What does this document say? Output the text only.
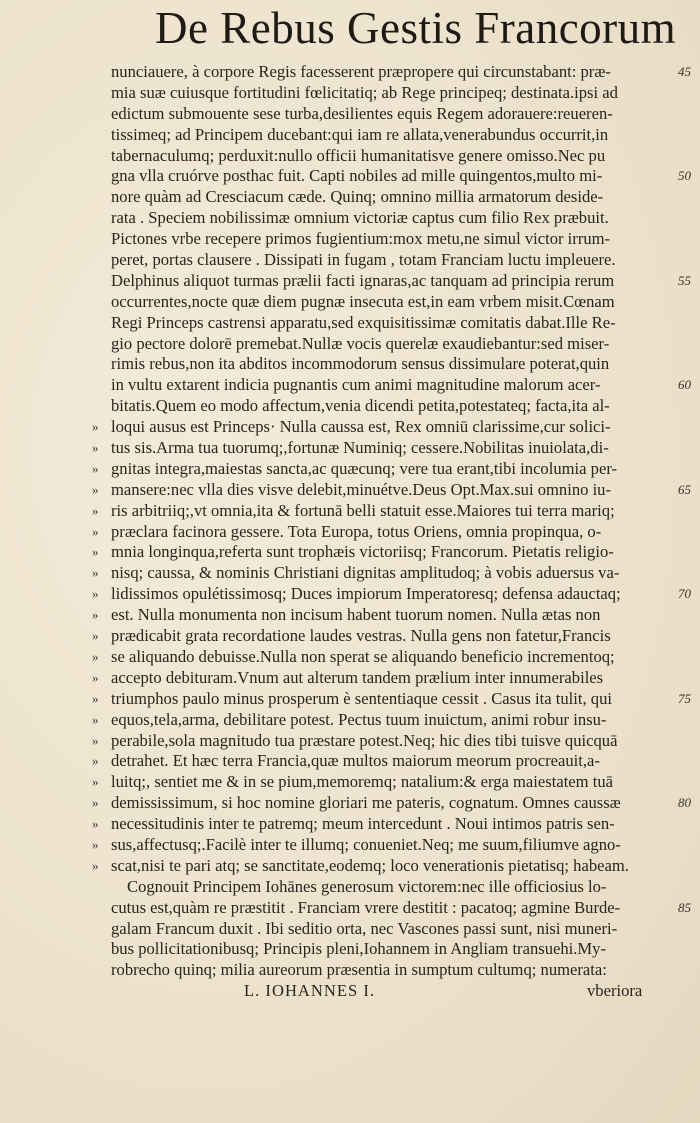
De Rebus Gestis Francorum
nunciauere, à corpore Regis facesserent præpropere qui circunstabant: præ-	45
mia suæ cuiusque fortitudini fœlicitatiq; ab Rege principeq; destinata.ipsi ad
edictum submouente sese turba,desilientes equis Regem adorauere:reueren-
tissimeq; ad Principem ducebant:qui iam re allata,venerabundus occurrit,in
tabernaculumq; perduxit:nullo officii humanitatisve genere omisso.Nec pu
gna vlla cruórve posthac fuit. Capti nobiles ad mille quingentos,multo mi-	50
nore quàm ad Cresciacum cæde. Quinq; omnino millia armatorum deside-
rata . Speciem nobilissimæ omnium victoriæ captus cum filio Rex præbuit.
Pictones vrbe recepere primos fugientium:mox metu,ne simul victor irrum-
peret, portas clausere . Dissipati in fugam , totam Franciam luctu impleuere.
Delphinus aliquot turmas prælii facti ignaras,ac tanquam ad principia rerum	55
occurrentes,nocte quæ diem pugnæ insecuta est,in eam vrbem misit.Cœnam
Regi Princeps castrensi apparatu,sed exquisitissimæ comitatis dabat.Ille Re-
gio pectore dolorē premebat.Nullæ vocis querelæ exaudiebantur:sed miser-
rimis rebus,non ita abditos incommodorum sensus dissimulare poterat,quin
in vultu extarent indicia pugnantis cum animi magnitudine malorum acer-	60
bitatis.Quem eo modo affectum,venia dicendi petita,potestateq; facta,ita al-
» loqui ausus est Princeps· Nulla caussa est, Rex omniū clarissime,cur solici-
» tus sis.Arma tua tuorumq;,fortunæ Numiniq; cessere.Nobilitas inuiolata,di-
» gnitas integra,maiestas sancta,ac quæcunq; vere tua erant,tibi incolumia per-
» mansere:nec vlla dies visve delebit,minuétve.Deus Opt.Max.sui omnino iu-	65
» ris arbitriiq;,vt omnia,ita & fortunā belli statuit esse.Maiores tui terra mariq;
» præclara facinora gessere. Tota Europa, totus Oriens, omnia propinqua, o-
» mnia longinqua,referta sunt trophæis victoriisq; Francorum. Pietatis religio-
» nisq; caussa, & nominis Christiani dignitas amplitudoq; à vobis aduersus va-
» lidissimos opulétissimosq; Duces impiorum Imperatoresq; defensa adauctaq;	70
» est. Nulla monumenta non incisum habent tuorum nomen. Nulla ætas non
» prædicabit grata recordatione laudes vestras. Nulla gens non fatetur,Francis
» se aliquando debuisse.Nulla non sperat se aliquando beneficio incrementoq;
» accepto debituram.Vnum aut alterum tandem prælium inter innumerabiles
» triumphos paulo minus prosperum è sententiaque cessit . Casus ita tulit, qui	75
» equos,tela,arma, debilitare potest. Pectus tuum inuictum, animi robur insu-
» perabile,sola magnitudo tua præstare potest.Neq; hic dies tibi tuisve quicquā
» detrahet. Et hæc terra Francia,quæ multos maiorum meorum procreauit,a-
» luitq;, sentiet me & in se pium,memoremq; natalium:& erga maiestatem tuā
» demississimum, si hoc nomine gloriari me pateris, cognatum. Omnes caussæ	80
» necessitudinis inter te patremq; meum intercedunt . Noui intimos patris sen-
» sus,affectusq;.Facilè inter te illumq; conueniet.Neq; me suum,filiumve agno-
» scat,nisi te pari atq; se sanctitate,eodemq; loco venerationis pietatisq; habeam.
Cognouit Principem Iohānes generosum victorem:nec ille officiosius lo-
cutus est,quàm re præstitit . Franciam vrere destitit : pacatoq; agmine Burde-	85
galam Francum duxit . Ibi seditio orta, nec Vascones passi sunt, nisi muneri-
bus pollicitationibusq; Principis pleni,Iohannem in Angliam transuehi.My-
robrecho quinq; milia aureorum præsentia in sumptum cultumq; numerata:
L. IOHANNES I.	vberiora
